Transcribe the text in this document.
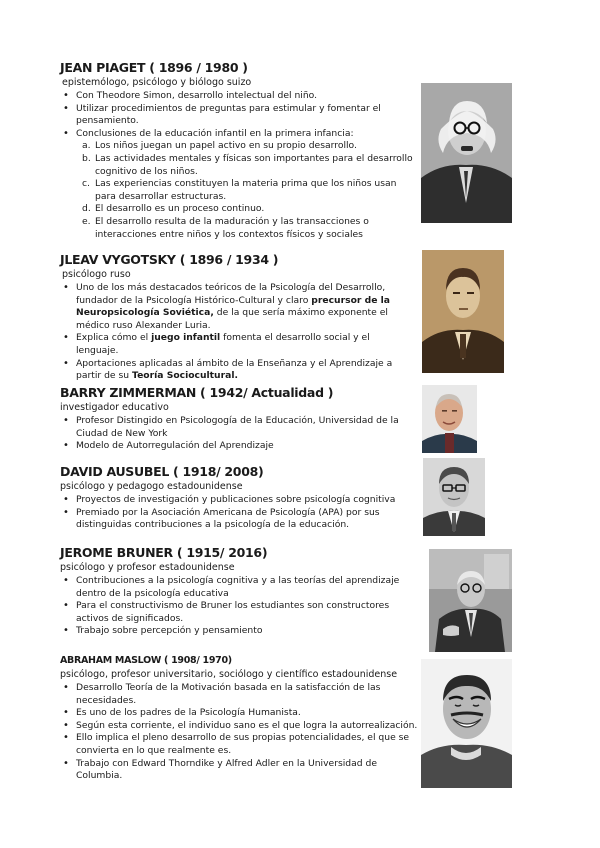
JEAN PIAGET ( 1896 / 1980 )

epistemólogo, psicólogo y biólogo suizo

• Con Theodore Simon, desarrollo intelectual del niño.
• Utilizar procedimientos de preguntas para estimular y fomentar el pensamiento.
• Conclusiones de la educación infantil en la primera infancia:
a. Los niños juegan un papel activo en su propio desarrollo.
b. Las actividades mentales y físicas son importantes para el desarrollo cognitivo de los niños.
c. Las experiencias constituyen la materia prima que los niños usan para desarrollar estructuras.
d. El desarrollo es un proceso continuo.
e. El desarrollo resulta de la maduración y las transacciones o interacciones entre niños y los contextos físicos y sociales
JLEAV VYGOTSKY ( 1896 / 1934 )

psicólogo ruso

• Uno de los más destacados teóricos de la Psicología del Desarrollo, fundador de la Psicología Histórico-Cultural y claro precursor de la Neuropsicología Soviética, de la que sería máximo exponente el médico ruso Alexander Luria.
• Explica cómo el juego infantil fomenta el desarrollo social y el lenguaje.
• Aportaciones aplicadas al ámbito de la Enseñanza y el Aprendizaje a partir de su Teoría Sociocultural.
BARRY ZIMMERMAN ( 1942/ Actualidad )

investigador educativo

• Profesor Distingido en Psicologogía de la Educación, Universidad de la Ciudad de New York
• Modelo de Autorregulación del Aprendizaje
DAVID AUSUBEL ( 1918/ 2008)

psicólogo y pedagogo estadounidense

• Proyectos de investigación y publicaciones sobre psicología cognitiva
• Premiado por la Asociación Americana de Psicología (APA) por sus distinguidas contribuciones a la psicología de la educación.
JEROME BRUNER ( 1915/ 2016)

psicólogo y profesor estadounidense

• Contribuciones a la psicología cognitiva y a las teorías del aprendizaje dentro de la psicología educativa
• Para el constructivismo de Bruner los estudiantes son constructores activos de significados.
• Trabajo sobre percepción y pensamiento
ABRAHAM MASLOW ( 1908/ 1970)

psicólogo, profesor universitario, sociólogo y científico estadounidense

• Desarrollo Teoría de la Motivación basada en la satisfacción de las necesidades.
• Es uno de los padres de la Psicología Humanista.
• Según esta corriente, el individuo sano es el que logra la autorrealización.
• Ello implica el pleno desarrollo de sus propias potencialidades, el que se convierta en lo que realmente es.
• Trabajo con Edward Thorndike y Alfred Adler en la Universidad de Columbia.
